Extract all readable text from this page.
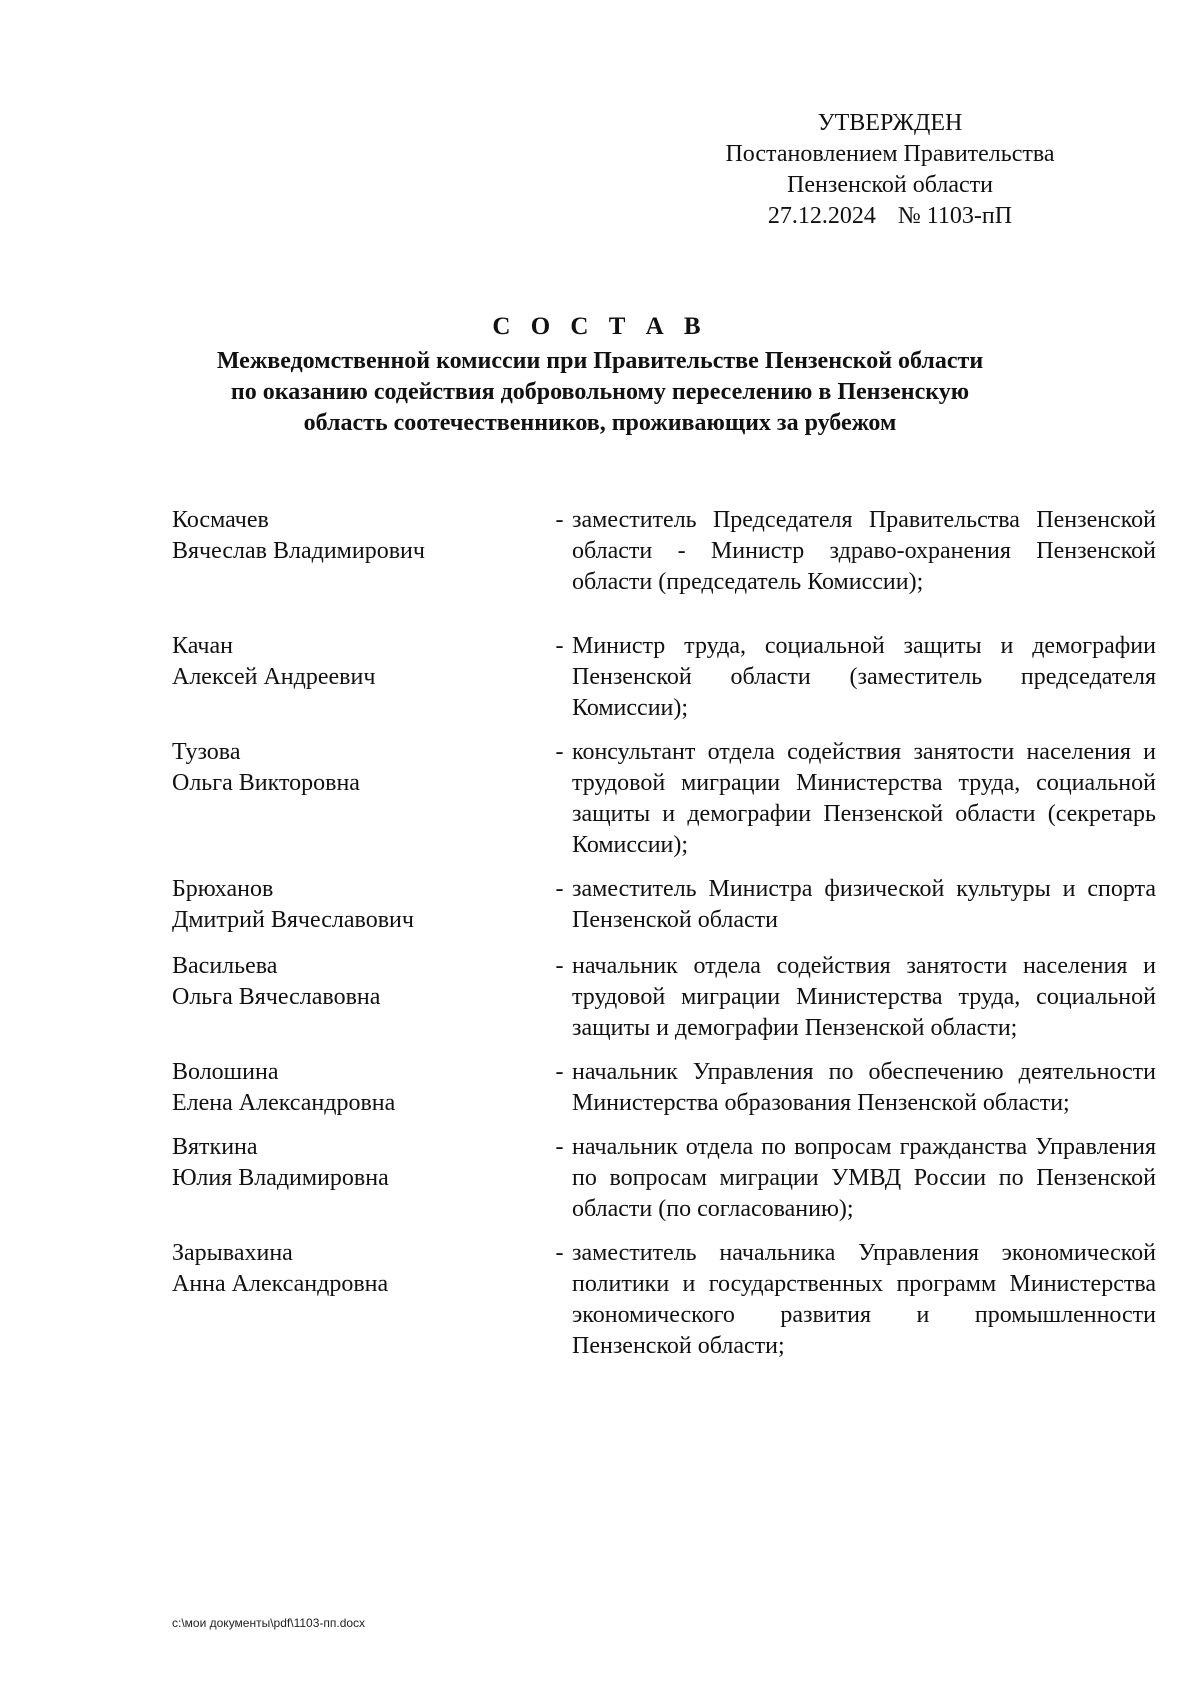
УТВЕРЖДЕН
Постановлением Правительства
Пензенской области
27.12.2024 № 1103-пП
С О С Т А В
Межведомственной комиссии при Правительстве Пензенской области
по оказанию содействия добровольному переселению в Пензенскую
область соотечественников, проживающих за рубежом
Космачев
Вячеслав Владимирович
- заместитель Председателя Правительства Пензенской области - Министр здраво-охранения Пензенской области (председатель Комиссии);
Качан
Алексей Андреевич
- Министр труда, социальной защиты и демографии Пензенской области (заместитель председателя Комиссии);
Тузова
Ольга Викторовна
- консультант отдела содействия занятости населения и трудовой миграции Министерства труда, социальной защиты и демографии Пензенской области (секретарь Комиссии);
Брюханов
Дмитрий Вячеславович
- заместитель Министра физической культуры и спорта Пензенской области
Васильева
Ольга Вячеславовна
- начальник отдела содействия занятости населения и трудовой миграции Министерства труда, социальной защиты и демографии Пензенской области;
Волошина
Елена Александровна
- начальник Управления по обеспечению деятельности Министерства образования Пензенской области;
Вяткина
Юлия Владимировна
- начальник отдела по вопросам гражданства Управления по вопросам миграции УМВД России по Пензенской области (по согласованию);
Зарывахина
Анна Александровна
- заместитель начальника Управления экономической политики и государственных программ Министерства экономического развития и промышленности Пензенской области;
c:\мои документы\pdf\1103-пп.docx
